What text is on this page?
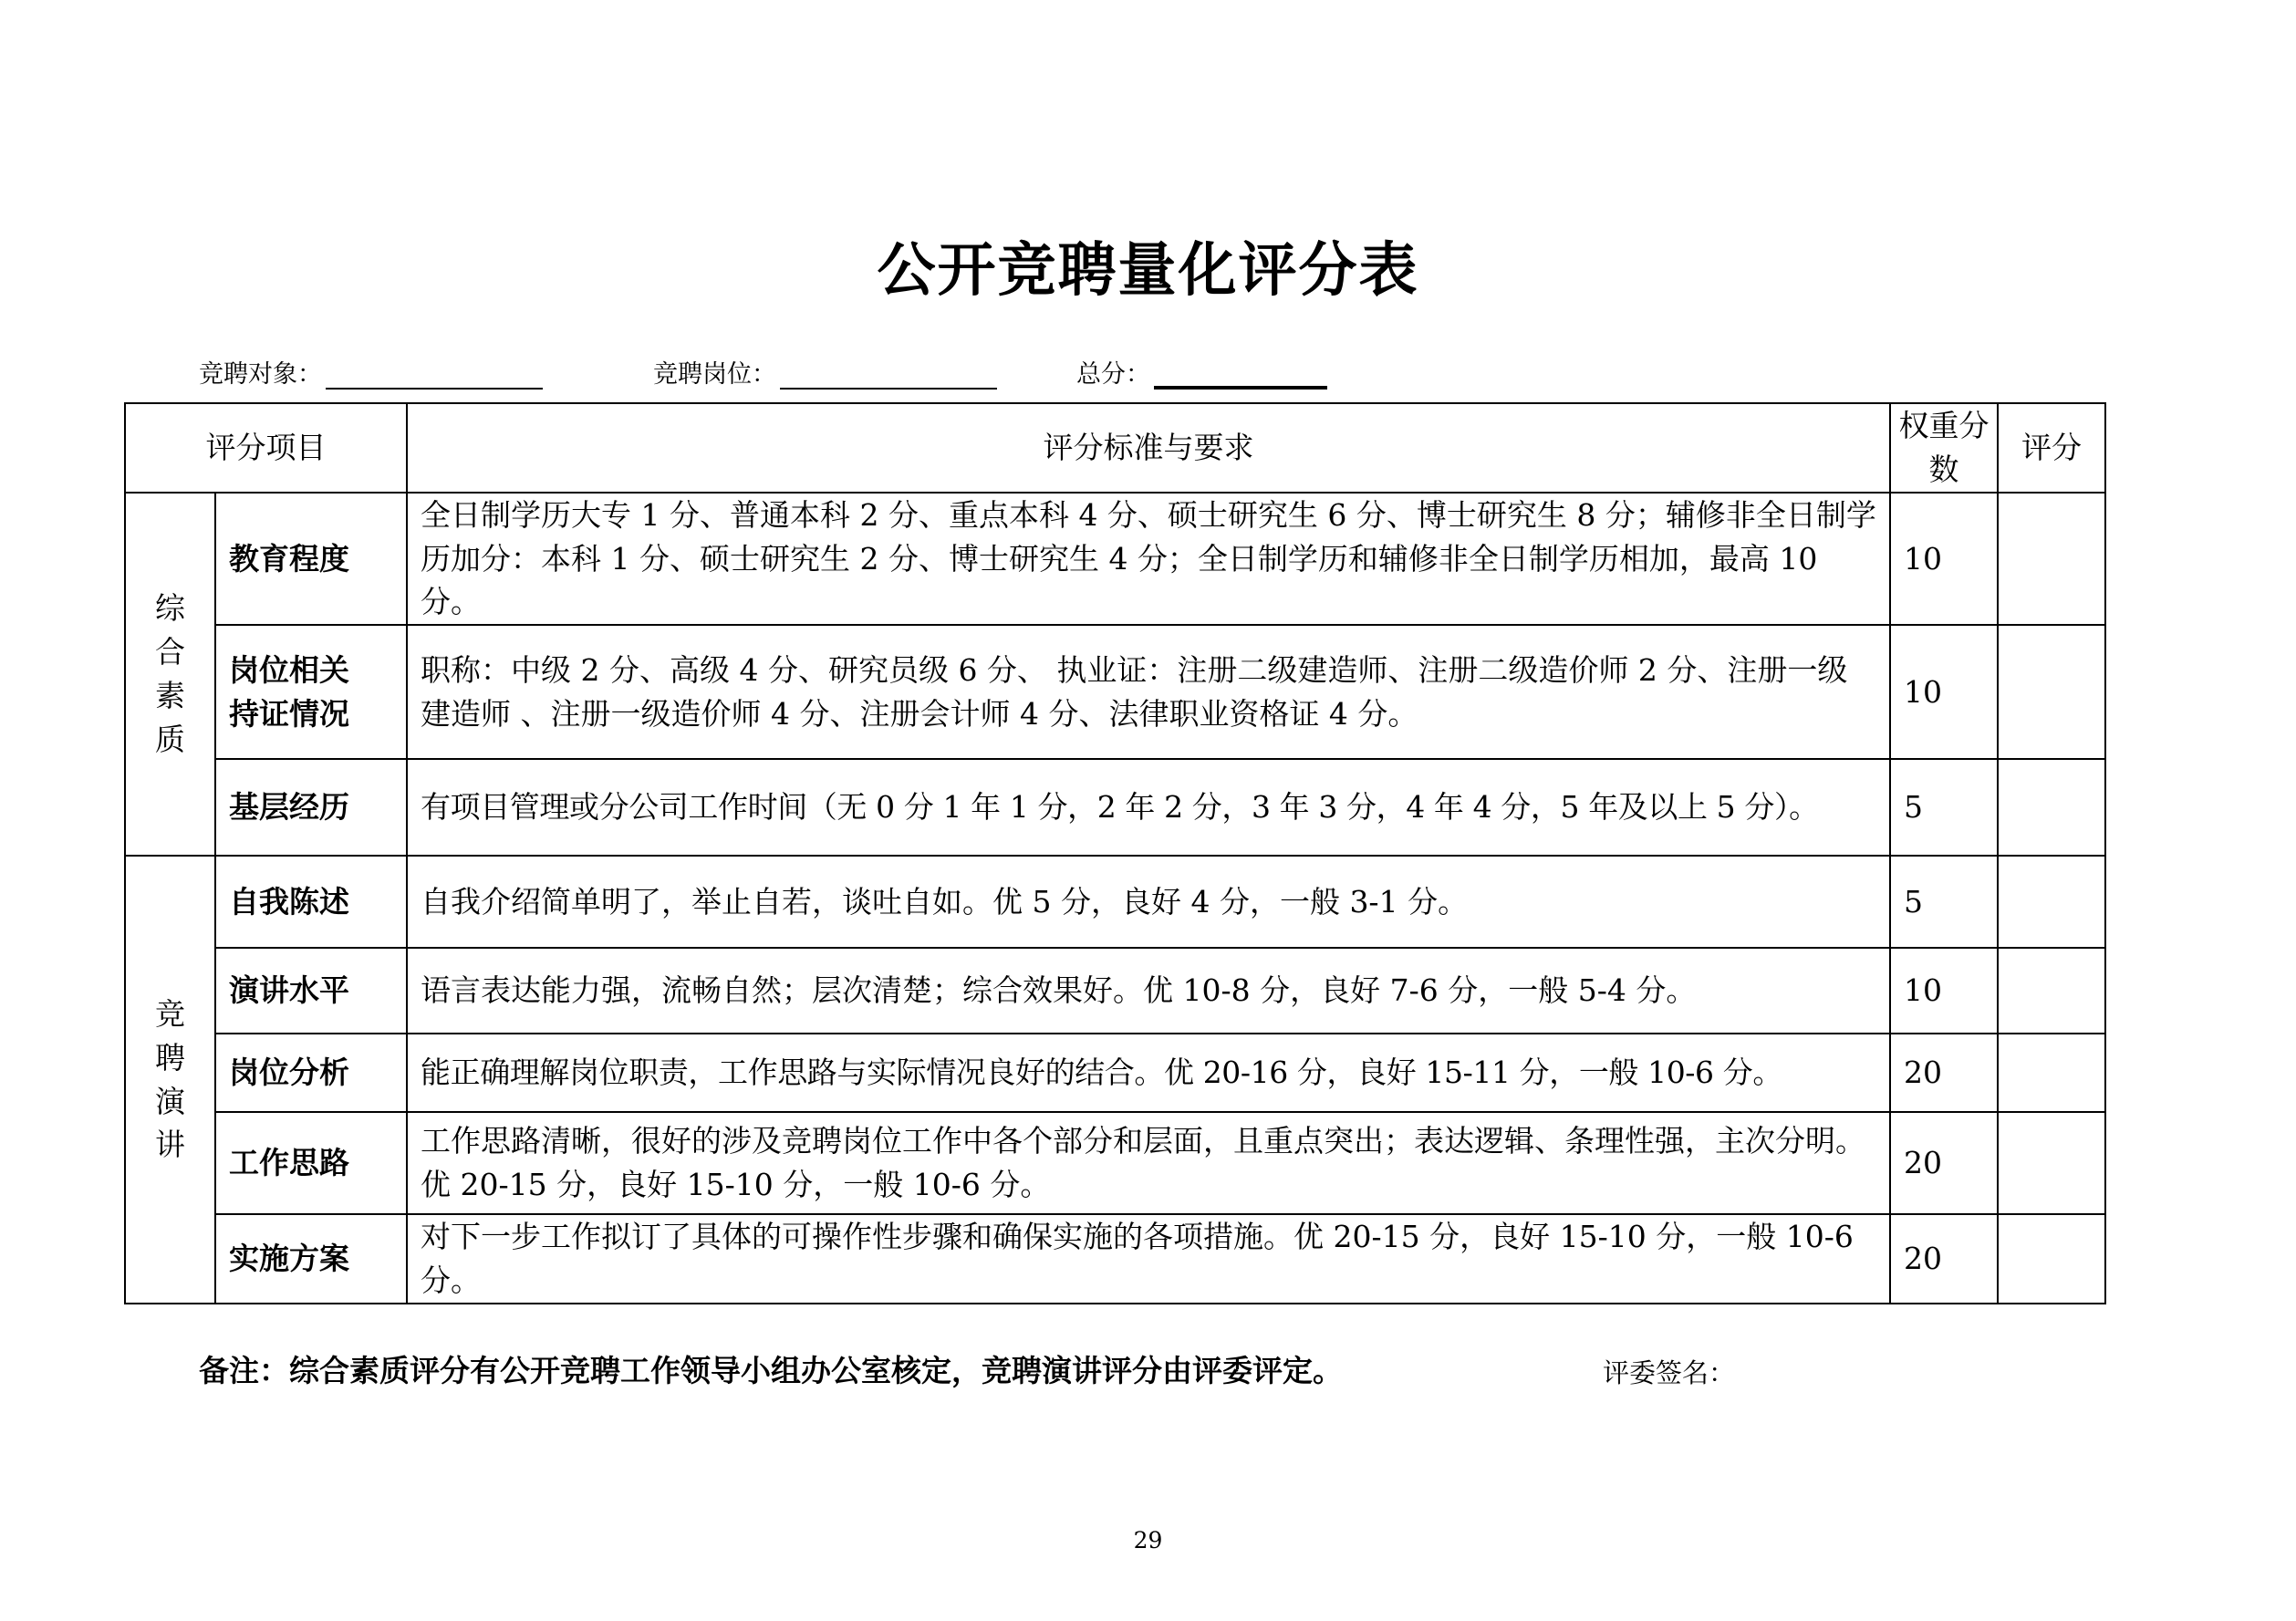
公开竞聘量化评分表
竞聘对象：	竞聘岗位：	总分：
评分项目		评分标准与要求	权重分数	评分

综合素质	教育程度	全日制学历大专 1 分、普通本科 2 分、重点本科 4 分、硕士研究生 6 分、博士研究生 8 分；辅修非全日制学历加分：本科 1 分、硕士研究生 2 分、博士研究生 4 分；全日制学历和辅修非全日制学历相加，最高 10 分。	10	

	岗位相关持证情况	职称：中级 2 分、高级 4 分、研究员级 6 分、 执业证：注册二级建造师、注册二级造价师 2 分、注册一级建造师 、注册一级造价师 4 分、注册会计师 4 分、法律职业资格证 4 分。	10	
	基层经历	有项目管理或分公司工作时间（无 0 分 1 年 1 分，2 年 2 分，3 年 3 分，4 年 4 分，5 年及以上 5 分）。	5	

竞聘演讲	自我陈述	自我介绍简单明了，举止自若，谈吐自如。优 5 分，良好 4 分，一般 3-1 分。	5	
	演讲水平	语言表达能力强，流畅自然；层次清楚；综合效果好。优 10-8 分，良好 7-6 分，一般 5-4 分。	10	
	岗位分析	能正确理解岗位职责，工作思路与实际情况良好的结合。优 20-16 分，良好 15-11 分，一般 10-6 分。	20	
	工作思路	工作思路清晰，很好的涉及竞聘岗位工作中各个部分和层面，且重点突出；表达逻辑、条理性强，主次分明。优 20-15 分，良好 15-10 分，一般 10-6 分。	20	
	实施方案	对下一步工作拟订了具体的可操作性步骤和确保实施的各项措施。优 20-15 分，良好 15-10 分，一般 10-6 分。	20	
备注：综合素质评分有公开竞聘工作领导小组办公室核定，竞聘演讲评分由评委评定。	评委签名：
29
